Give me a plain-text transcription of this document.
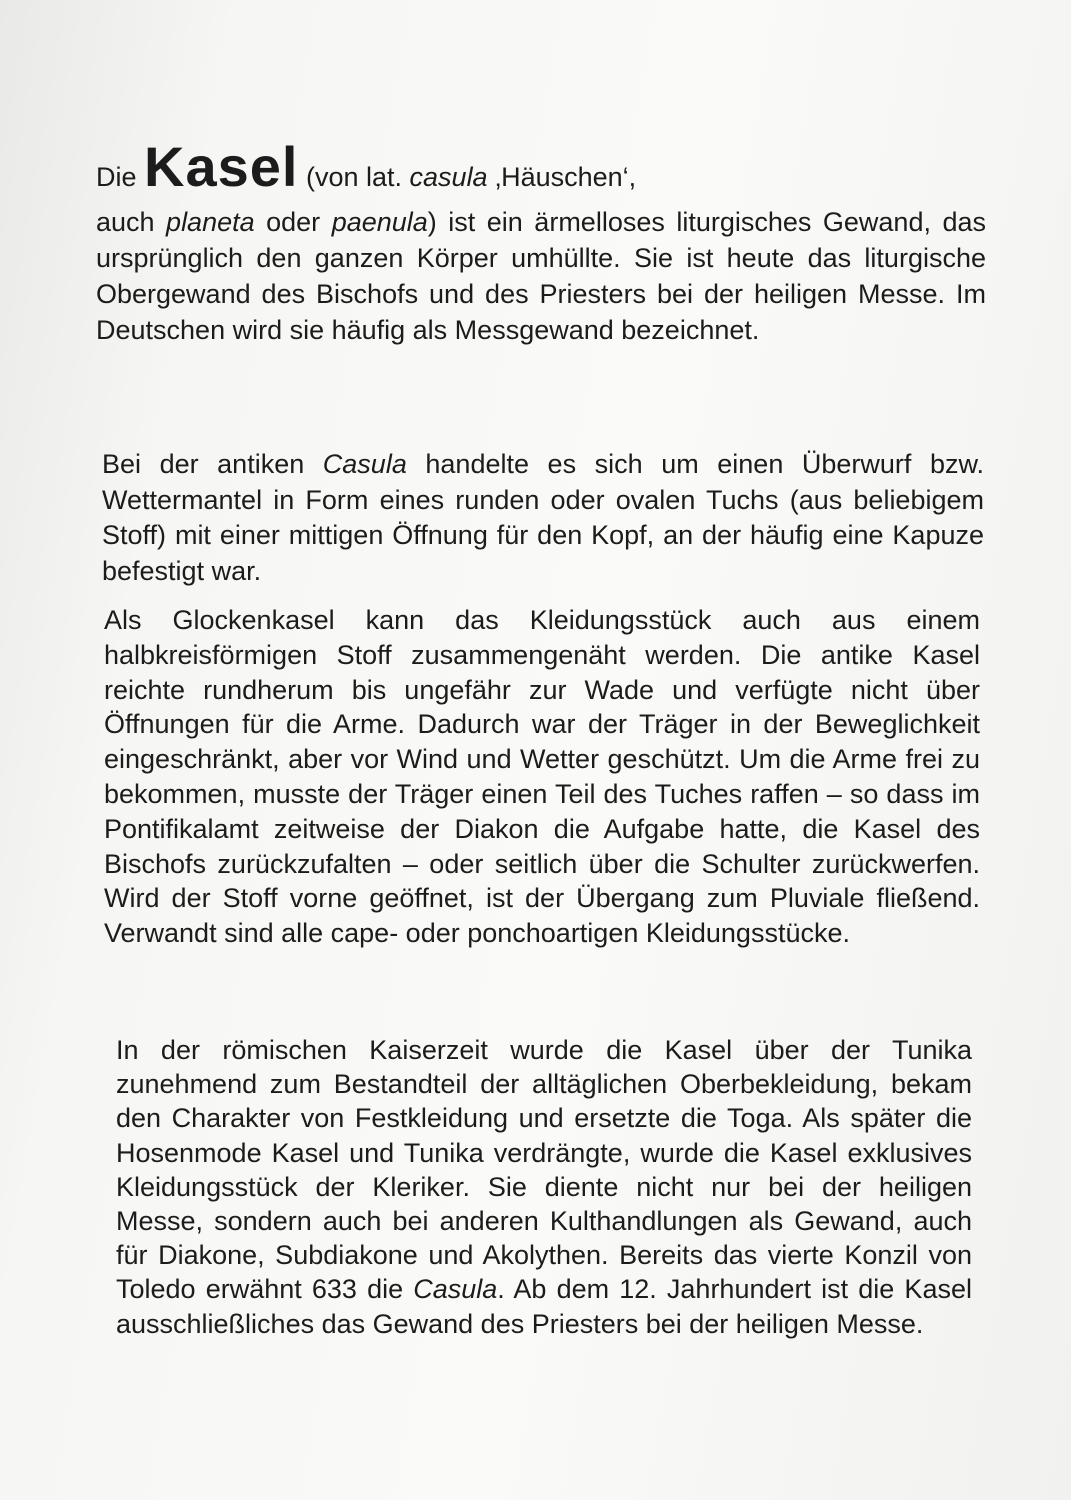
Die Kasel (von lat. casula ‚Häuschen‘,
auch planeta oder paenula) ist ein ärmelloses liturgisches Gewand, das ursprünglich den ganzen Körper umhüllte. Sie ist heute das liturgische Obergewand des Bischofs und des Priesters bei der heiligen Messe. Im Deutschen wird sie häufig als Messgewand bezeichnet.

Bei der antiken Casula handelte es sich um einen Überwurf bzw. Wettermantel in Form eines runden oder ovalen Tuchs (aus beliebigem Stoff) mit einer mittigen Öffnung für den Kopf, an der häufig eine Kapuze befestigt war.

Als Glockenkasel kann das Kleidungsstück auch aus einem halbkreisförmigen Stoff zusammengenäht werden. Die antike Kasel reichte rundherum bis ungefähr zur Wade und verfügte nicht über Öffnungen für die Arme. Dadurch war der Träger in der Beweglichkeit eingeschränkt, aber vor Wind und Wetter geschützt. Um die Arme frei zu bekommen, musste der Träger einen Teil des Tuches raffen – so dass im Pontifikalamt zeitweise der Diakon die Aufgabe hatte, die Kasel des Bischofs zurückzufalten – oder seitlich über die Schulter zurückwerfen. Wird der Stoff vorne geöffnet, ist der Übergang zum Pluviale fließend. Verwandt sind alle cape- oder ponchoartigen Kleidungsstücke.

In der römischen Kaiserzeit wurde die Kasel über der Tunika zunehmend zum Bestandteil der alltäglichen Oberbekleidung, bekam den Charakter von Festkleidung und ersetzte die Toga. Als später die Hosenmode Kasel und Tunika verdrängte, wurde die Kasel exklusives Kleidungsstück der Kleriker. Sie diente nicht nur bei der heiligen Messe, sondern auch bei anderen Kulthandlungen als Gewand, auch für Diakone, Subdiakone und Akolythen. Bereits das vierte Konzil von Toledo erwähnt 633 die Casula. Ab dem 12. Jahrhundert ist die Kasel ausschließliches das Gewand des Priesters bei der heiligen Messe.
